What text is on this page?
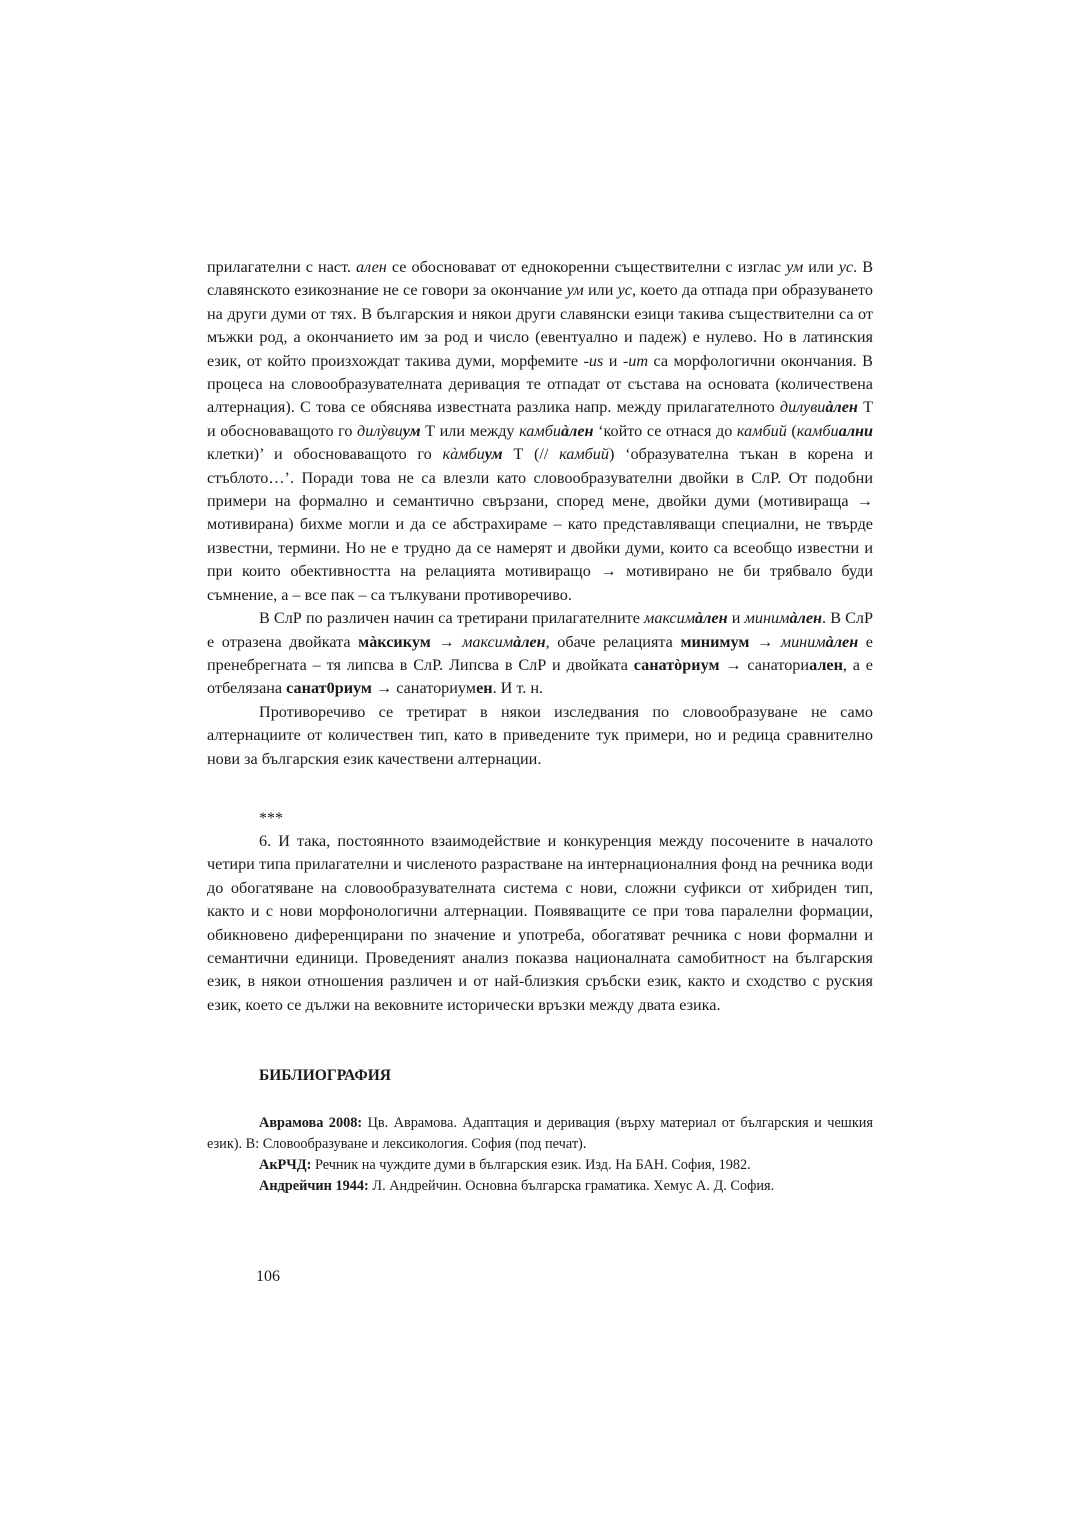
прилагателни с наст. ален се обосновават от еднокоренни съществителни с изглас ум или ус. В славянското езикознание не се говори за окончание ум или ус, което да отпада при образуването на други думи от тях. В българския и някои други славянски езици такива съществителни са от мъжки род, а окончанието им за род и число (евентуално и падеж) е нулево. Но в латинския език, от който произхождат такива думи, морфемите -us и -um са морфологични окончания. В процеса на словообразувателната деривация те отпадат от състава на основата (количествена алтернация). С това се обяснява известната разлика напр. между прилагателното дилувиàлен Т и обосноваващото го дилỳвиум Т или между камбиàлен ‘който се отнася до камбий (камбиални клетки)’ и обосноваващото го кàмбиум Т (// камбий) ‘образувателна тъкан в корена и стъблото…’. Поради това не са влезли като словообразувателни двойки в СлР. От подобни примери на формално и семантично свързани, според мене, двойки думи (мотивираща → мотивирана) бихме могли и да се абстрахираме – като представляващи специални, не твърде известни, термини. Но не е трудно да се намерят и двойки думи, които са всеобщо известни и при които обективността на релацията мотивиращо → мотивирано не би трябвало буди съмнение, а – все пак – са тълкувани противоречиво.

В СлР по различен начин са третирани прилагателните максимàлен и минимàлен. В СлР е отразена двойката мàксикум → максимàлен, обаче релацията минимум → минимàлен е пренебрегната – тя липсва в СлР. Липсва в СлР и двойката санатòриум → санаториален, а е отбелязана санат0риум → санаториумен. И т. н.

Противоречиво се третират в някои изследвания по словообразуване не само алтернациите от количествен тип, като в приведените тук примери, но и редица сравнително нови за българския език качествени алтернации.

***

6. И така, постоянното взаимодействие и конкуренция между посочените в началото четири типа прилагателни и численото разрастване на интернационалния фонд на речника води до обогатяване на словообразувателната система с нови, сложни суфикси от хибриден тип, както и с нови морфонологични алтернации. Появяващите се при това паралелни формации, обикновено диференцирани по значение и употреба, обогатяват речника с нови формални и семантични единици. Проведеният анализ показва националната самобитност на българския език, в някои отношения различен и от най-близкия сръбски език, както и сходство с руския език, което се дължи на вековните исторически връзки между двата езика.

БИБЛИОГРАФИЯ

Аврамова 2008: Цв. Аврамова. Адаптация и деривация (върху материал от българския и чешкия език). В: Словообразуване и лексикология. София (под печат).

АкРЧД: Речник на чуждите думи в българския език. Изд. На БАН. София, 1982.

Андрейчин 1944: Л. Андрейчин. Основна българска граматика. Хемус А. Д. София.

106
